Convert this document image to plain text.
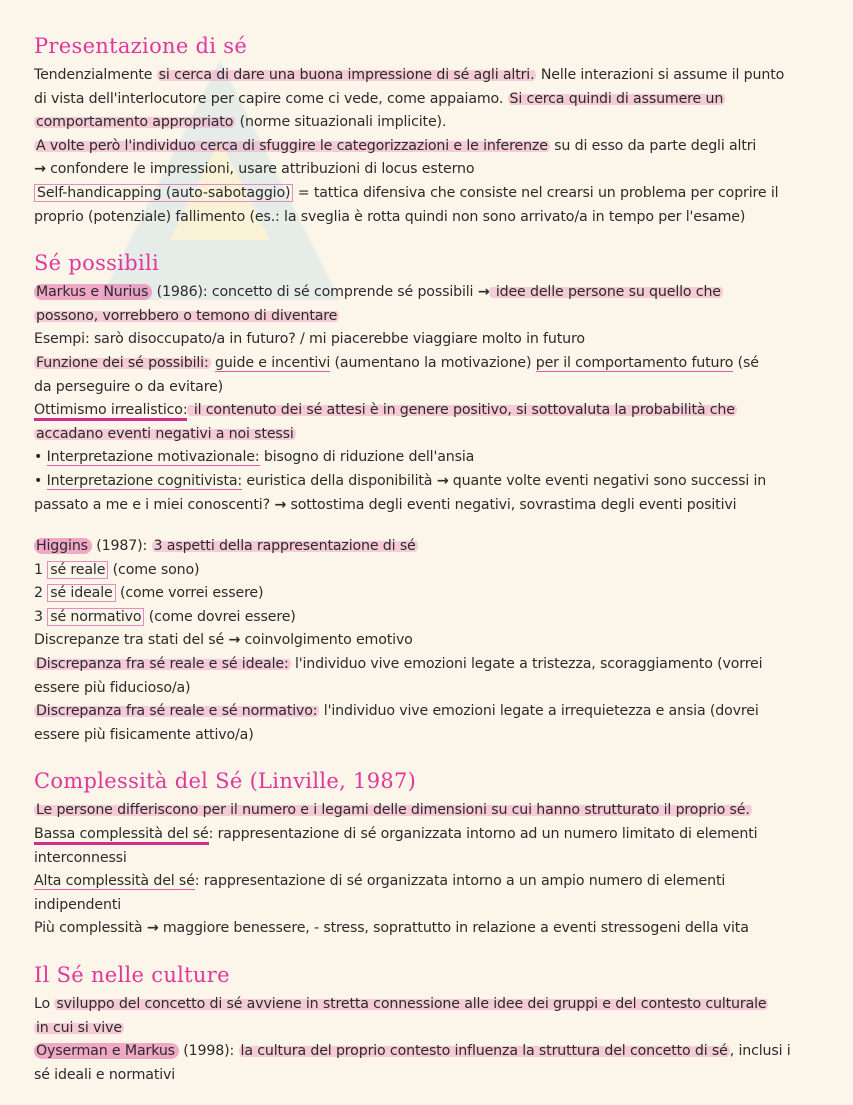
Presentazione di sé
Tendenzialmente si cerca di dare una buona impressione di sé agli altri. Nelle interazioni si assume il punto
di vista dell'interlocutore per capire come ci vede, come appaiamo. Si cerca quindi di assumere un
comportamento appropriato (norme situazionali implicite).
A volte però l'individuo cerca di sfuggire le categorizzazioni e le inferenze su di esso da parte degli altri
→ confondere le impressioni, usare attribuzioni di locus esterno
Self-handicapping (auto-sabotaggio) = tattica difensiva che consiste nel crearsi un problema per coprire il
proprio (potenziale) fallimento (es.: la sveglia è rotta quindi non sono arrivato/a in tempo per l'esame)
Sé possibili
Markus e Nurius (1986): concetto di sé comprende sé possibili → idee delle persone su quello che
possono, vorrebbero o temono di diventare
Esempi: sarò disoccupato/a in futuro? / mi piacerebbe viaggiare molto in futuro
Funzione dei sé possibili: guide e incentivi (aumentano la motivazione) per il comportamento futuro (sé
da perseguire o da evitare)
Ottimismo irrealistico: il contenuto dei sé attesi è in genere positivo, si sottovaluta la probabilità che
accadano eventi negativi a noi stessi
• Interpretazione motivazionale: bisogno di riduzione dell'ansia
• Interpretazione cognitivista: euristica della disponibilità → quante volte eventi negativi sono successi in
passato a me e i miei conoscenti? → sottostima degli eventi negativi, sovrastima degli eventi positivi
Higgins (1987): 3 aspetti della rappresentazione di sé
1 sé reale (come sono)
2 sé ideale (come vorrei essere)
3 sé normativo (come dovrei essere)
Discrepanze tra stati del sé → coinvolgimento emotivo
Discrepanza fra sé reale e sé ideale: l'individuo vive emozioni legate a tristezza, scoraggiamento (vorrei
essere più fiducioso/a)
Discrepanza fra sé reale e sé normativo: l'individuo vive emozioni legate a irrequietezza e ansia (dovrei
essere più fisicamente attivo/a)
Complessità del Sé (Linville, 1987)
Le persone differiscono per il numero e i legami delle dimensioni su cui hanno strutturato il proprio sé.
Bassa complessità del sé: rappresentazione di sé organizzata intorno ad un numero limitato di elementi
interconnessi
Alta complessità del sé: rappresentazione di sé organizzata intorno a un ampio numero di elementi
indipendenti
Più complessità → maggiore benessere, - stress, soprattutto in relazione a eventi stressogeni della vita
Il Sé nelle culture
Lo sviluppo del concetto di sé avviene in stretta connessione alle idee dei gruppi e del contesto culturale
in cui si vive
Oyserman e Markus (1998): la cultura del proprio contesto influenza la struttura del concetto di sé , inclusi i
sé ideali e normativi
